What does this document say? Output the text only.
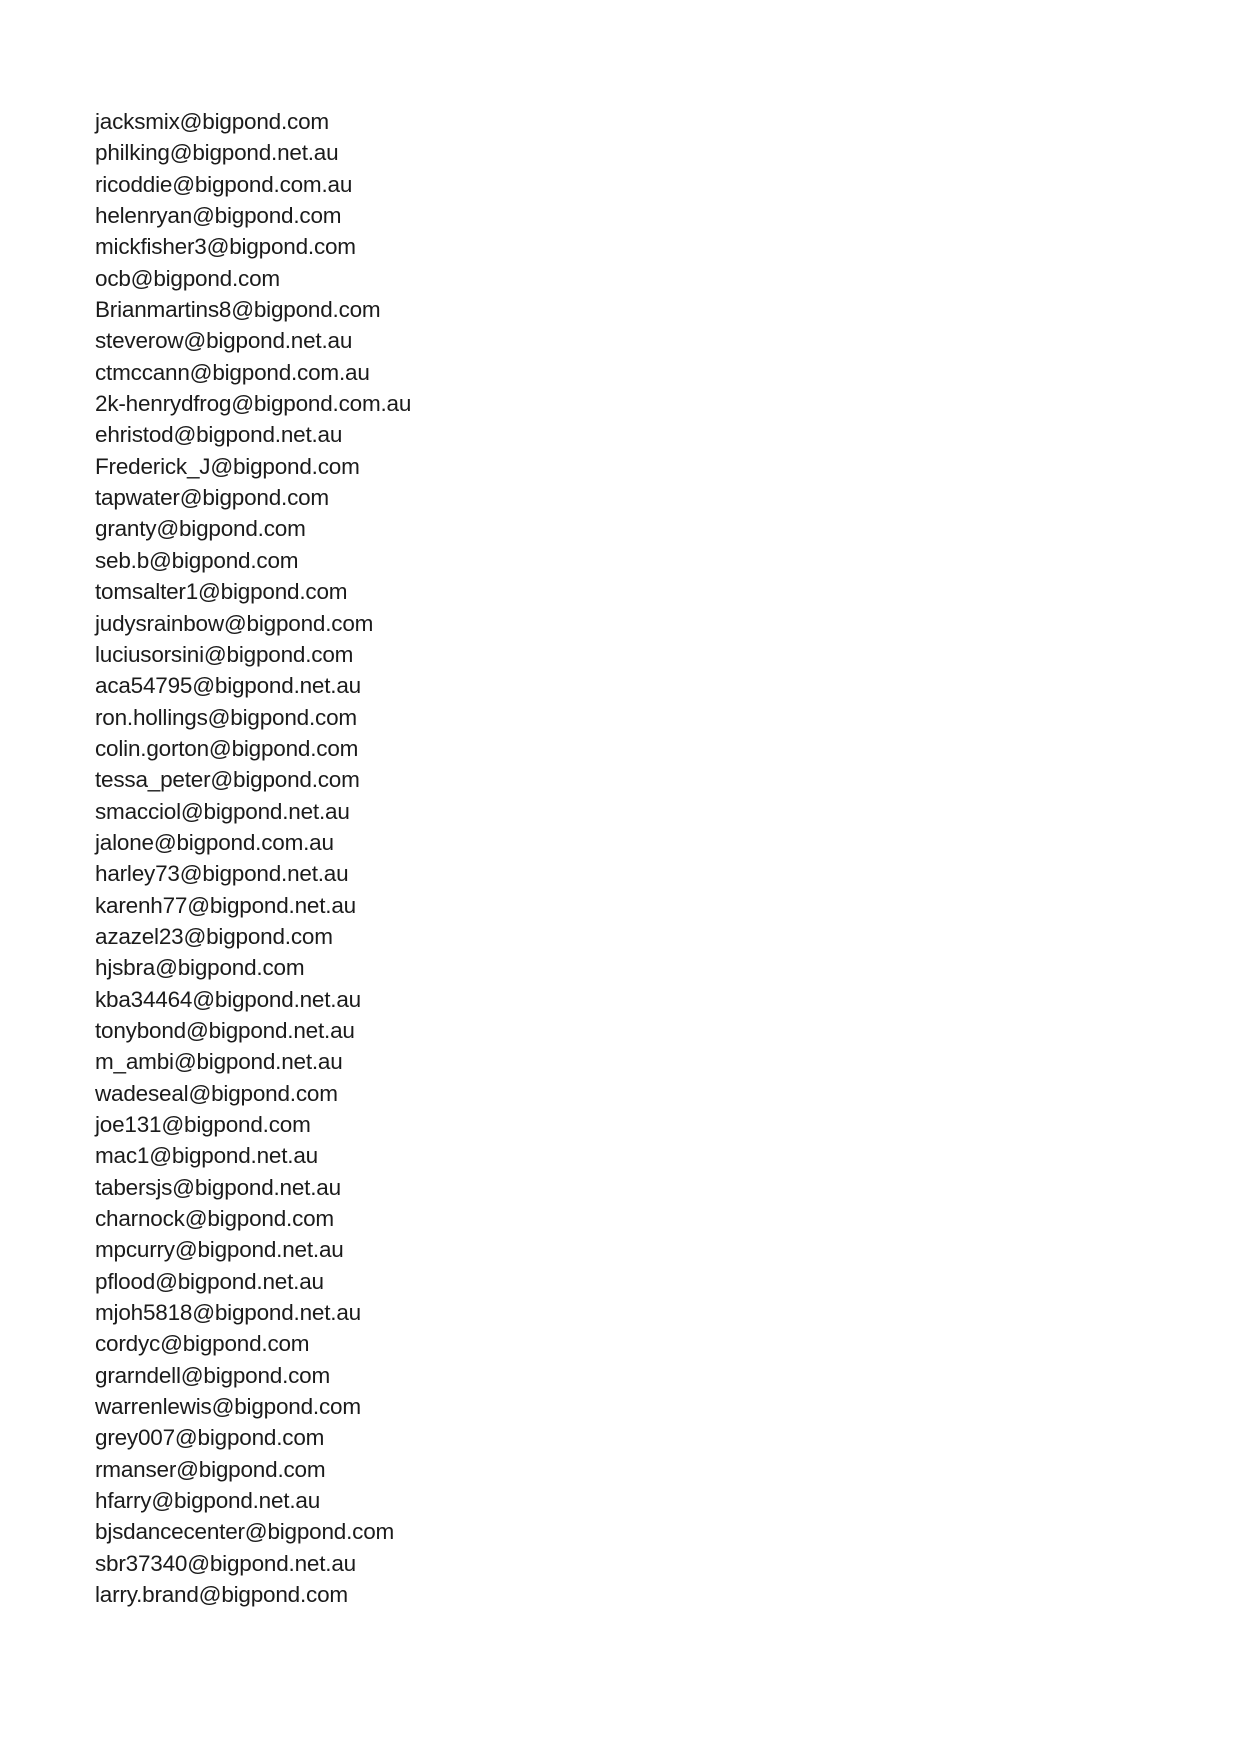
jacksmix@bigpond.com
philking@bigpond.net.au
ricoddie@bigpond.com.au
helenryan@bigpond.com
mickfisher3@bigpond.com
ocb@bigpond.com
Brianmartins8@bigpond.com
steverow@bigpond.net.au
ctmccann@bigpond.com.au
2k-henrydfrog@bigpond.com.au
ehristod@bigpond.net.au
Frederick_J@bigpond.com
tapwater@bigpond.com
granty@bigpond.com
seb.b@bigpond.com
tomsalter1@bigpond.com
judysrainbow@bigpond.com
luciusorsini@bigpond.com
aca54795@bigpond.net.au
ron.hollings@bigpond.com
colin.gorton@bigpond.com
tessa_peter@bigpond.com
smacciol@bigpond.net.au
jalone@bigpond.com.au
harley73@bigpond.net.au
karenh77@bigpond.net.au
azazel23@bigpond.com
hjsbra@bigpond.com
kba34464@bigpond.net.au
tonybond@bigpond.net.au
m_ambi@bigpond.net.au
wadeseal@bigpond.com
joe131@bigpond.com
mac1@bigpond.net.au
tabersjs@bigpond.net.au
charnock@bigpond.com
mpcurry@bigpond.net.au
pflood@bigpond.net.au
mjoh5818@bigpond.net.au
cordyc@bigpond.com
grarndell@bigpond.com
warrenlewis@bigpond.com
grey007@bigpond.com
rmanser@bigpond.com
hfarry@bigpond.net.au
bjsdancecenter@bigpond.com
sbr37340@bigpond.net.au
larry.brand@bigpond.com
